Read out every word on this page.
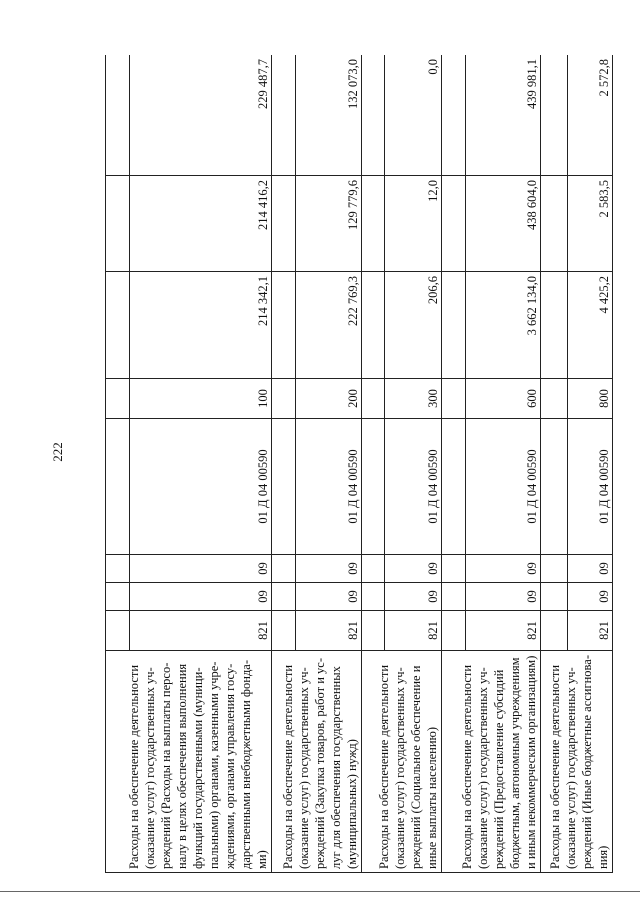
222
Расходы на обеспечение деятельности (оказание услуг) государственных уч-реждений (Расходы на выплаты персо-налу в целях обеспечения выполнения функций государственными (муници-пальными) органами, казенными учре-ждениями, органами управления госу-дарственными внебюджетными фонда-ми)								
	821	09	09	01 Д 04 00590	100	214 342,1	214 416,2	229 487,7
Расходы на обеспечение деятельности (оказание услуг) государственных уч-реждений (Закупка товаров, работ и ус-луг для обеспечения государственных (муниципальных) нужд)								
	821	09	09	01 Д 04 00590	200	222 769,3	129 779,6	132 073,0
Расходы на обеспечение деятельности (оказание услуг) государственных уч-реждений (Социальное обеспечение и иные выплаты населению)								
	821	09	09	01 Д 04 00590	300	206,6	12,0	0,0
Расходы на обеспечение деятельности (оказание услуг) государственных уч-реждений (Предоставление субсидий бюджетным, автономным учреждениям и иным некоммерческим организациям)								
	821	09	09	01 Д 04 00590	600	3 662 134,0	438 604,0	439 981,1
Расходы на обеспечение деятельности (оказание услуг) государственных уч-реждений (Иные бюджетные ассигнова-ния)								
	821	09	09	01 Д 04 00590	800	4 425,2	2 583,5	2 572,8
